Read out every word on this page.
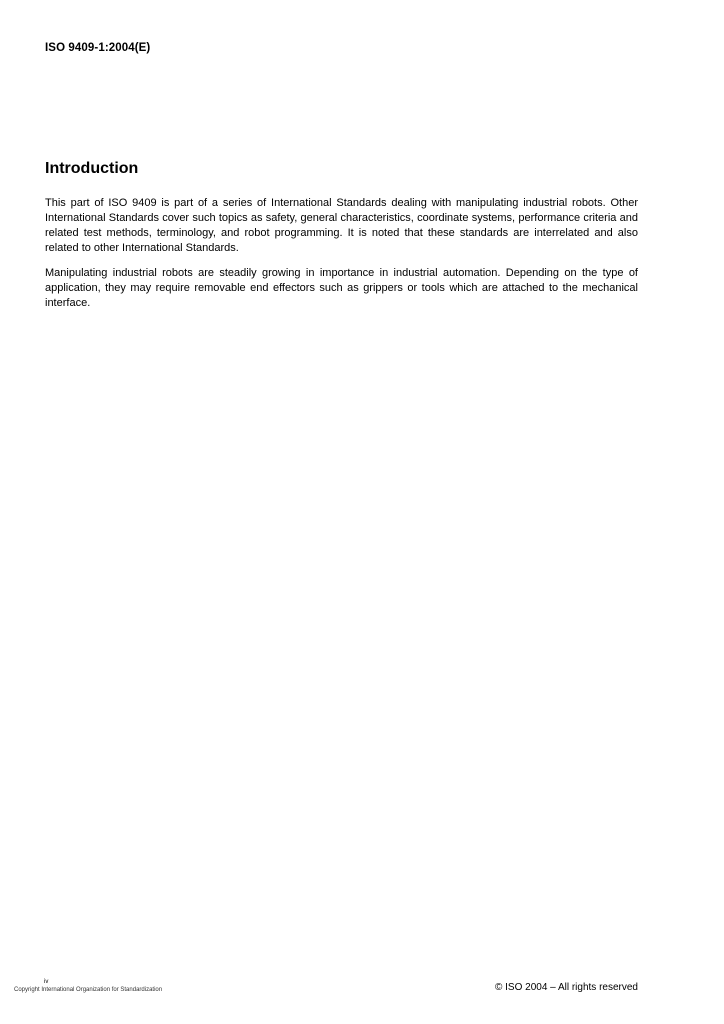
ISO 9409-1:2004(E)
Introduction

This part of ISO 9409 is part of a series of International Standards dealing with manipulating industrial robots. Other International Standards cover such topics as safety, general characteristics, coordinate systems, performance criteria and related test methods, terminology, and robot programming. It is noted that these standards are interrelated and also related to other International Standards.

Manipulating industrial robots are steadily growing in importance in industrial automation. Depending on the type of application, they may require removable end effectors such as grippers or tools which are attached to the mechanical interface.

iv
Copyright International Organization for Standardization	© ISO 2004 – All rights reserved
